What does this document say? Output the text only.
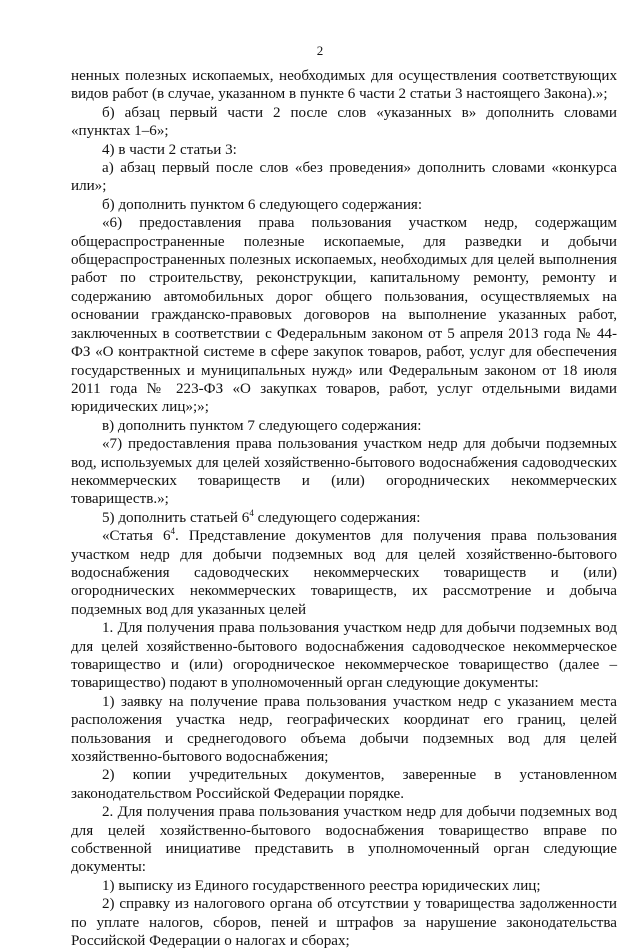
2

ненных полезных ископаемых, необходимых для осуществления соответствующих видов работ (в случае, указанном в пункте 6 части 2 статьи 3 настоящего Закона).»;

б) абзац первый части 2 после слов «указанных в» дополнить словами «пунктах 1–6»;

4) в части 2 статьи 3:

а) абзац первый после слов «без проведения» дополнить словами «конкурса или»;

б) дополнить пунктом 6 следующего содержания:

«6) предоставления права пользования участком недр, содержащим общераспространенные полезные ископаемые, для разведки и добычи общераспространенных полезных ископаемых, необходимых для целей выполнения работ по строительству, реконструкции, капитальному ремонту, ремонту и содержанию автомобильных дорог общего пользования, осуществляемых на основании гражданско-правовых договоров на выполнение указанных работ, заключенных в соответствии с Федеральным законом от 5 апреля 2013 года № 44-ФЗ «О контрактной системе в сфере закупок товаров, работ, услуг для обеспечения государственных и муниципальных нужд» или Федеральным законом от 18 июля 2011 года № 223-ФЗ «О закупках товаров, работ, услуг отдельными видами юридических лиц»;»;

в) дополнить пунктом 7 следующего содержания:

«7) предоставления права пользования участком недр для добычи подземных вод, используемых для целей хозяйственно-бытового водоснабжения садоводческих некоммерческих товариществ и (или) огороднических некоммерческих товариществ.»;

5) дополнить статьей $6^4$ следующего содержания:

«Статья $6^4$. Представление документов для получения права пользования участком недр для добычи подземных вод для целей хозяйственно-бытового водоснабжения садоводческих некоммерческих товариществ и (или) огороднических некоммерческих товариществ, их рассмотрение и добыча подземных вод для указанных целей

1. Для получения права пользования участком недр для добычи подземных вод для целей хозяйственно-бытового водоснабжения садоводческое некоммерческое товарищество и (или) огородническое некоммерческое товарищество (далее – товарищество) подают в уполномоченный орган следующие документы:

1) заявку на получение права пользования участком недр с указанием места расположения участка недр, географических координат его границ, целей пользования и среднегодового объема добычи подземных вод для целей хозяйственно-бытового водоснабжения;

2) копии учредительных документов, заверенные в установленном законодательством Российской Федерации порядке.

2. Для получения права пользования участком недр для добычи подземных вод для целей хозяйственно-бытового водоснабжения товарищество вправе по собственной инициативе представить в уполномоченный орган следующие документы:

1) выписку из Единого государственного реестра юридических лиц;

2) справку из налогового органа об отсутствии у товарищества задолженности по уплате налогов, сборов, пеней и штрафов за нарушение законодательства Российской Федерации о налогах и сборах;
